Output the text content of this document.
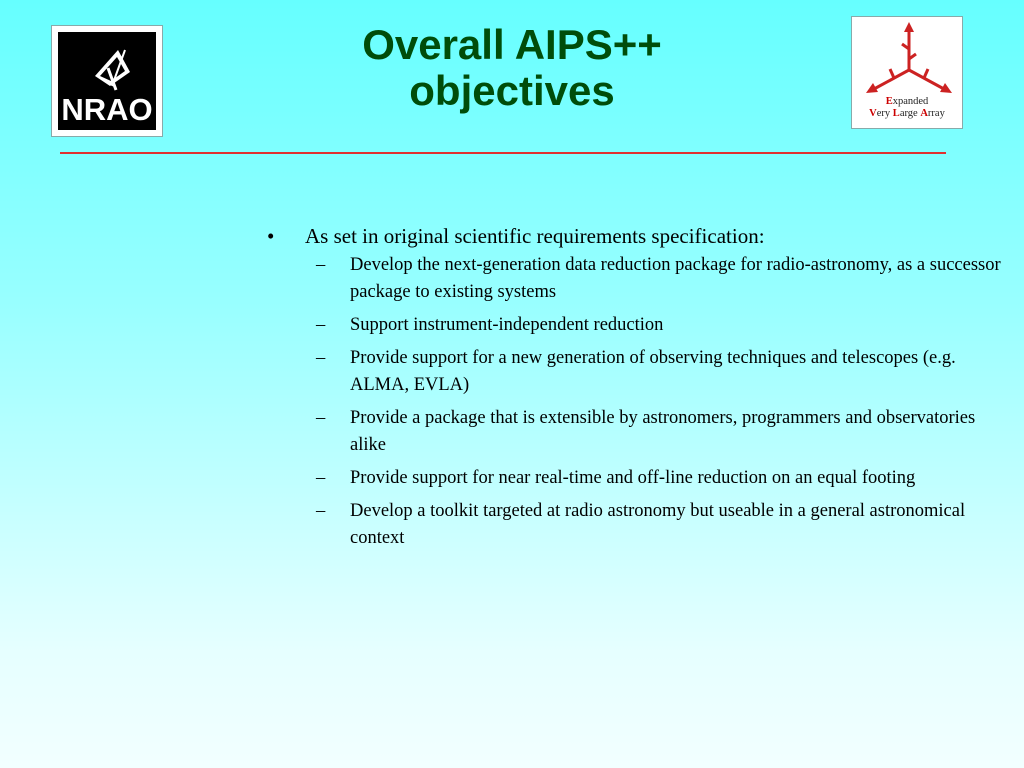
NRAO	Expanded
Very Large Array
Overall AIPS++
objectives
• As set in original scientific requirements specification:
– Develop the next-generation data reduction package for radio-astronomy, as a successor package to existing systems
– Support instrument-independent reduction
– Provide support for a new generation of observing techniques and telescopes (e.g. ALMA, EVLA)
– Provide a package that is extensible by astronomers, programmers and observatories alike
– Provide support for near real-time and off-line reduction on an equal footing
– Develop a toolkit targeted at radio astronomy but useable in a general astronomical context
